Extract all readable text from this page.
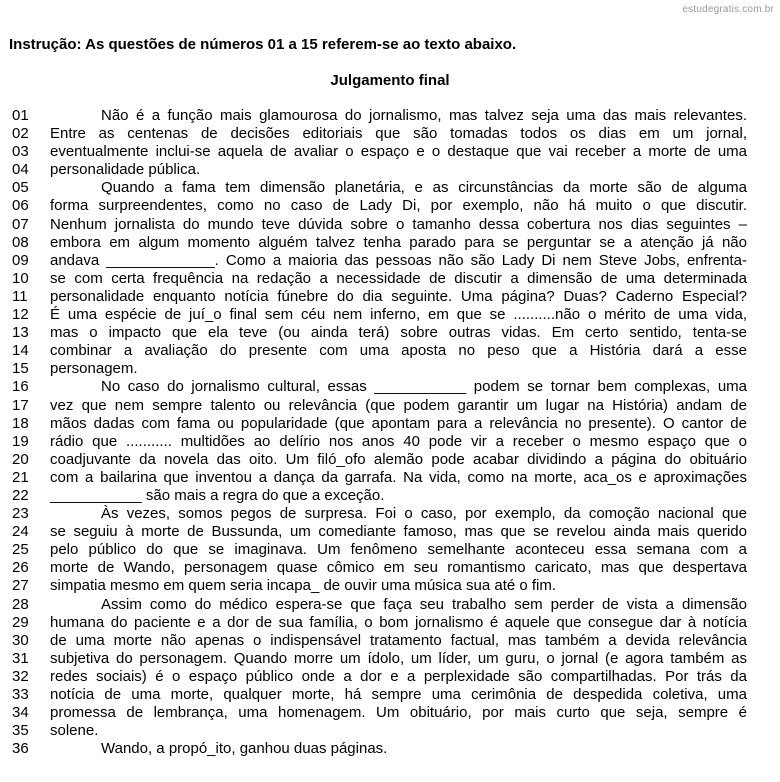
estudegratis.com.br
Instrução: As questões de números 01 a 15 referem-se ao texto abaixo.
Julgamento final
01	Não é a função mais glamourosa do jornalismo, mas talvez seja uma das mais relevantes.
02 Entre as centenas de decisões editoriais que são tomadas todos os dias em um jornal,
03 eventualmente inclui-se aquela de avaliar o espaço e o destaque que vai receber a morte de uma
04 personalidade pública.
05	Quando a fama tem dimensão planetária, e as circunstâncias da morte são de alguma
06 forma surpreendentes, como no caso de Lady Di, por exemplo, não há muito o que discutir.
07 Nenhum jornalista do mundo teve dúvida sobre o tamanho dessa cobertura nos dias seguintes –
08 embora em algum momento alguém talvez tenha parado para se perguntar se a atenção já não
09 andava _____________. Como a maioria das pessoas não são Lady Di nem Steve Jobs, enfrenta-
10 se com certa frequência na redação a necessidade de discutir a dimensão de uma determinada
11 personalidade enquanto notícia fúnebre do dia seguinte. Uma página? Duas? Caderno Especial?
12 É uma espécie de juí_o final sem céu nem inferno, em que se ..........não o mérito de uma vida,
13 mas o impacto que ela teve (ou ainda terá) sobre outras vidas. Em certo sentido, tenta-se
14 combinar a avaliação do presente com uma aposta no peso que a História dará a esse
15 personagem.
16	No caso do jornalismo cultural, essas ___________ podem se tornar bem complexas, uma
17 vez que nem sempre talento ou relevância (que podem garantir um lugar na História) andam de
18 mãos dadas com fama ou popularidade (que apontam para a relevância no presente). O cantor de
19 rádio que ........... multidões ao delírio nos anos 40 pode vir a receber o mesmo espaço que o
20 coadjuvante da novela das oito. Um filó_ofo alemão pode acabar dividindo a página do obituário
21 com a bailarina que inventou a dança da garrafa. Na vida, como na morte, aca_os e aproximações
22 ___________ são mais a regra do que a exceção.
23	Às vezes, somos pegos de surpresa. Foi o caso, por exemplo, da comoção nacional que
24 se seguiu à morte de Bussunda, um comediante famoso, mas que se revelou ainda mais querido
25 pelo público do que se imaginava. Um fenômeno semelhante aconteceu essa semana com a
26 morte de Wando, personagem quase cômico em seu romantismo caricato, mas que despertava
27 simpatia mesmo em quem seria incapa_ de ouvir uma música sua até o fim.
28	Assim como do médico espera-se que faça seu trabalho sem perder de vista a dimensão
29 humana do paciente e a dor de sua família, o bom jornalismo é aquele que consegue dar à notícia
30 de uma morte não apenas o indispensável tratamento factual, mas também a devida relevância
31 subjetiva do personagem. Quando morre um ídolo, um líder, um guru, o jornal (e agora também as
32 redes sociais) é o espaço público onde a dor e a perplexidade são compartilhadas. Por trás da
33 notícia de uma morte, qualquer morte, há sempre uma cerimônia de despedida coletiva, uma
34 promessa de lembrança, uma homenagem. Um obituário, por mais curto que seja, sempre é
35 solene.
36	Wando, a propó_ito, ganhou duas páginas.
